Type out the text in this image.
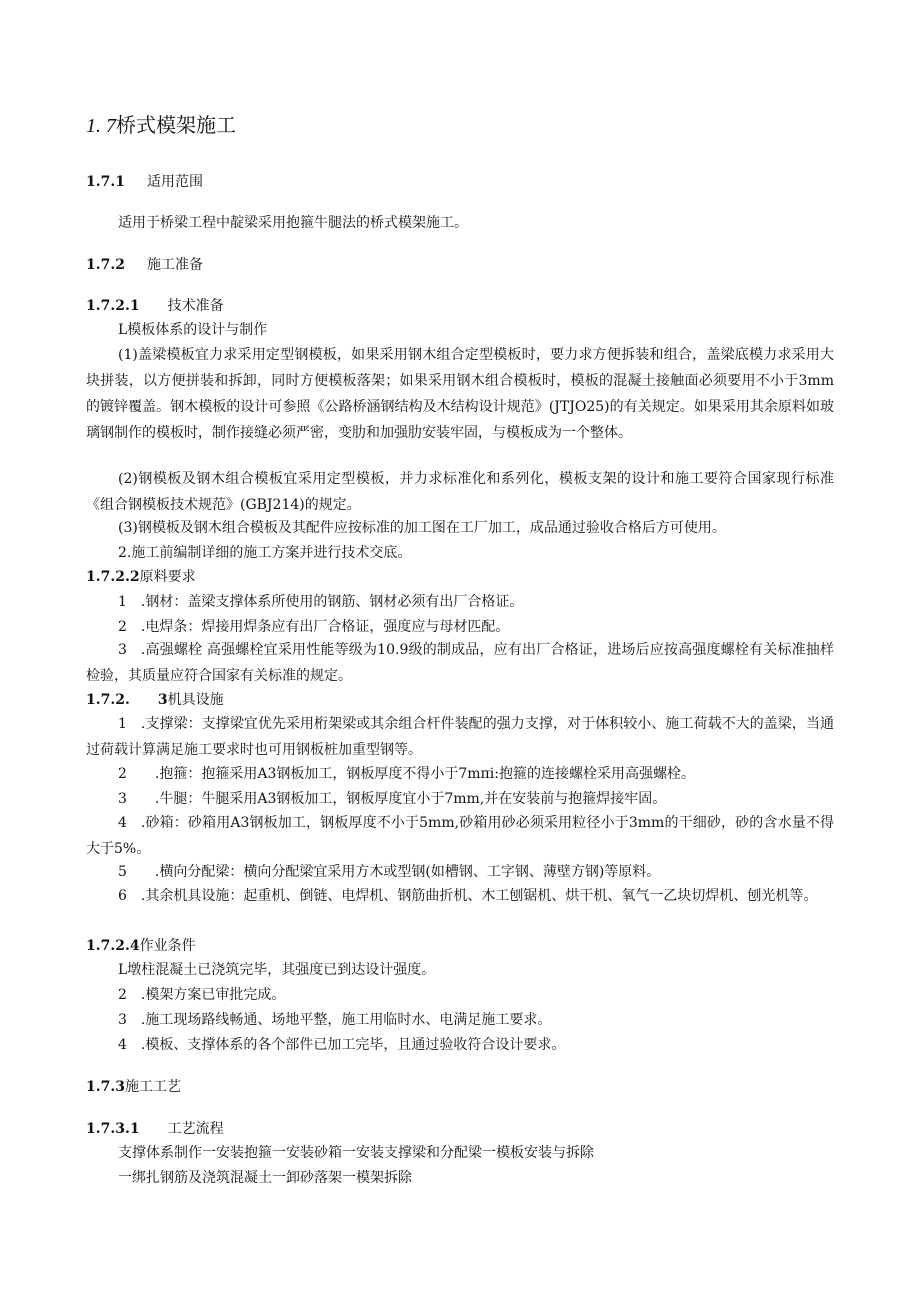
1. 7桥式模架施工
1.7.1 适用范围
适用于桥梁工程中靛梁采用抱箍牛腿法的桥式模架施工。
1.7.2 施工准备
1.7.2.1 技术准备
L模板体系的设计与制作
(1)盖梁模板宜力求采用定型钢模板，如果采用钢木组合定型模板时，要力求方便拆装和组合，盖梁底模力求采用大块拼装，以方便拼装和拆卸，同时方便模板落架；如果采用钢木组合模板时，模板的混凝土接触面必须要用不小于3mm的镀锌覆盖。钢木模板的设计可参照《公路桥涵钢结构及木结构设计规范》(JTJO25)的有关规定。如果采用其余原料如玻璃钢制作的模板时，制作接缝必须严密，变肋和加强肋安装牢固，与模板成为一个整体。
(2)钢模板及钢木组合模板宜采用定型模板，并力求标准化和系列化，模板支架的设计和施工要符合国家现行标准《组合钢模板技术规范》(GBJ214)的规定。
(3)钢模板及钢木组合模板及其配件应按标准的加工图在工厂加工，成品通过验收合格后方可使用。
2.施工前编制详细的施工方案并进行技术交底。
1.7.2.2原料要求
1 .钢材：盖梁支撑体系所使用的钢筋、钢材必须有出厂合格证。
2 .电焊条：焊接用焊条应有出厂合格证，强度应与母材匹配。
3 .高强螺栓 高强螺栓宜采用性能等级为10.9级的制成品，应有出厂合格证，进场后应按高强度螺栓有关标准抽样检验，其质量应符合国家有关标准的规定。
1.7.2. 3机具设施
1 .支撑梁：支撑梁宜优先采用桁架梁或其余组合杆件装配的强力支撑，对于体积较小、施工荷载不大的盖梁，当通过荷载计算满足施工要求时也可用钢板桩加重型钢等。
2  .抱箍：抱箍采用A3钢板加工，钢板厚度不得小于7mπi:抱箍的连接螺栓采用高强螺栓。
3  .牛腿：牛腿采用A3钢板加工，钢板厚度宜小于7mm,并在安装前与抱箍焊接牢固。
4 .砂箱：砂箱用A3钢板加工，钢板厚度不小于5mm,砂箱用砂必须采用粒径小于3mm的干细砂，砂的含水量不得大于5%。
5  .横向分配梁：横向分配梁宜采用方木或型钢(如槽钢、工字钢、薄壁方钢)等原料。
6 .其余机具设施：起重机、倒链、电焊机、钢筋曲折机、木工刨锯机、烘干机、氧气一乙块切焊机、刨光机等。
1.7.2.4作业条件
L墩柱混凝土已浇筑完毕，其强度已到达设计强度。
2 .模架方案已审批完成。
3 .施工现场路线畅通、场地平整，施工用临时水、电满足施工要求。
4 .模板、支撑体系的各个部件已加工完毕，且通过验收符合设计要求。
1.7.3施工工艺
1.7.3.1 工艺流程
支撑体系制作一安装抱箍一安装砂箱一安装支撑梁和分配梁一模板安装与拆除
一绑扎钢筋及浇筑混凝土一卸砂落架一模架拆除
